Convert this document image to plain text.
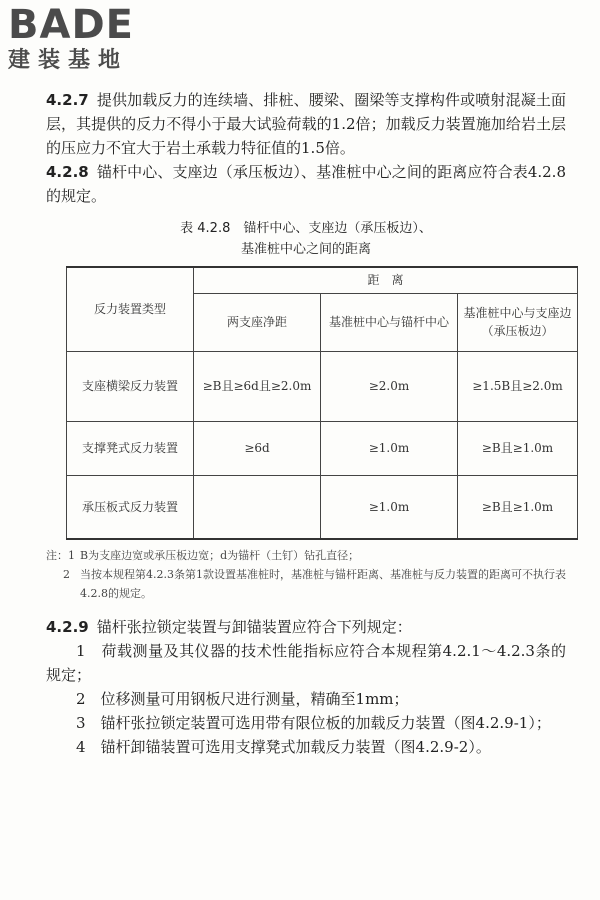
BADE
建装基地

4.2.7 提供加载反力的连续墙、排桩、腰梁、圈梁等支撑构件或喷射混凝土面层，其提供的反力不得小于最大试验荷载的1.2倍；加载反力装置施加给岩土层的压应力不宜大于岩土承载力特征值的1.5倍。

4.2.8 锚杆中心、支座边（承压板边）、基准桩中心之间的距离应符合表4.2.8的规定。

表 4.2.8　锚杆中心、支座边（承压板边）、
基准桩中心之间的距离
反力装置类型	距　离		
	两支座净距	基准桩中心与锚杆中心	基准桩中心与支座边（承压板边）
支座横梁反力装置	≥B且≥6d且≥2.0m	≥2.0m	≥1.5B且≥2.0m
支撑凳式反力装置	≥6d	≥1.0m	≥B且≥1.0m
承压板式反力装置		≥1.0m	≥B且≥1.0m
注：1 B为支座边宽或承压板边宽；d为锚杆（土钉）钻孔直径；
2 当按本规程第4.2.3条第1款设置基准桩时，基准桩与锚杆距离、基准桩与反力装置的距离可不执行表4.2.8的规定。

4.2.9 锚杆张拉锁定装置与卸锚装置应符合下列规定：

1　荷载测量及其仪器的技术性能指标应符合本规程第4.2.1～4.2.3条的规定；

2　位移测量可用钢板尺进行测量，精确至1mm；

3　锚杆张拉锁定装置可选用带有限位板的加载反力装置（图4.2.9-1）；

4　锚杆卸锚装置可选用支撑凳式加载反力装置（图4.2.9-2）。
